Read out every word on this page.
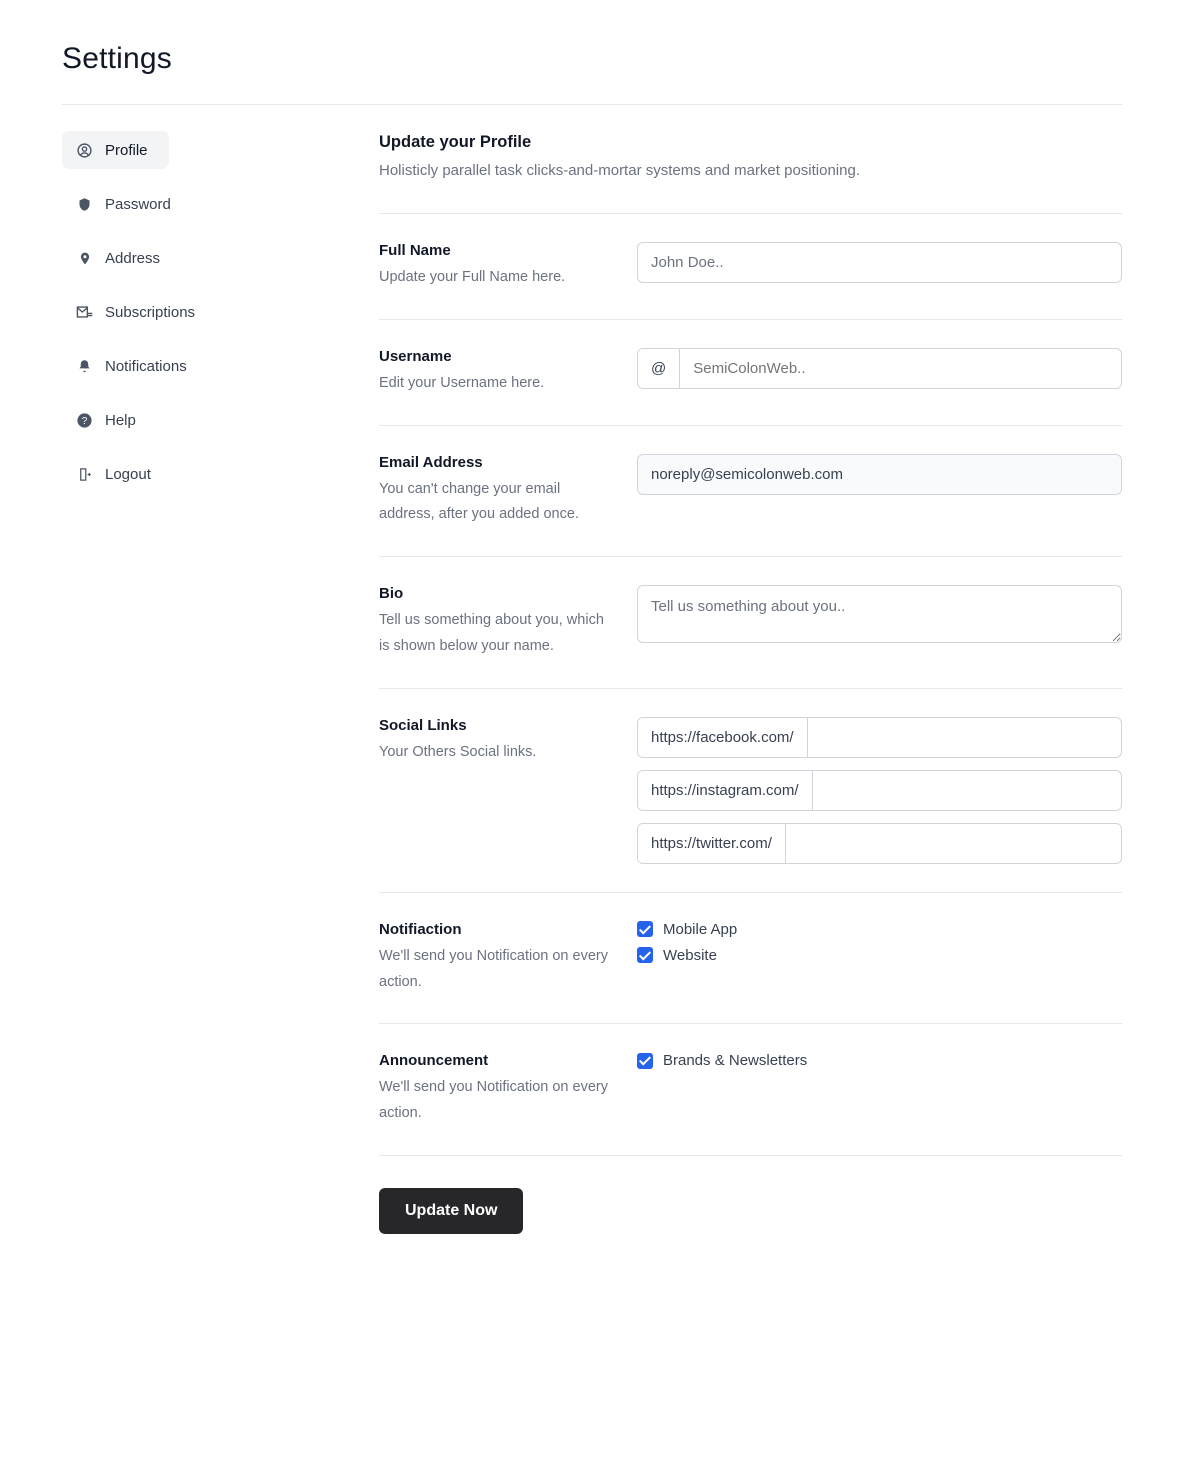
Settings
Profile
Password
Address
Subscriptions
Notifications
? Help
Logout
Update your Profile

Holisticly parallel task clicks-and-mortar systems and market positioning.

Full Name
Update your Full Name here.
John Doe..
Username
Edit your Username here.
@
SemiColonWeb..
Email Address
You can't change your email address, after you added once.
noreply@semicolonweb.com
Bio
Tell us something about you, which is shown below your name.
Tell us something about you..
Social Links
Your Others Social links.
https://facebook.com/
https://instagram.com/
https://twitter.com/
Notifiaction
We'll send you Notification on every action.
Mobile App
Website
Announcement
We'll send you Notification on every action.
Brands & Newsletters
Update Now
